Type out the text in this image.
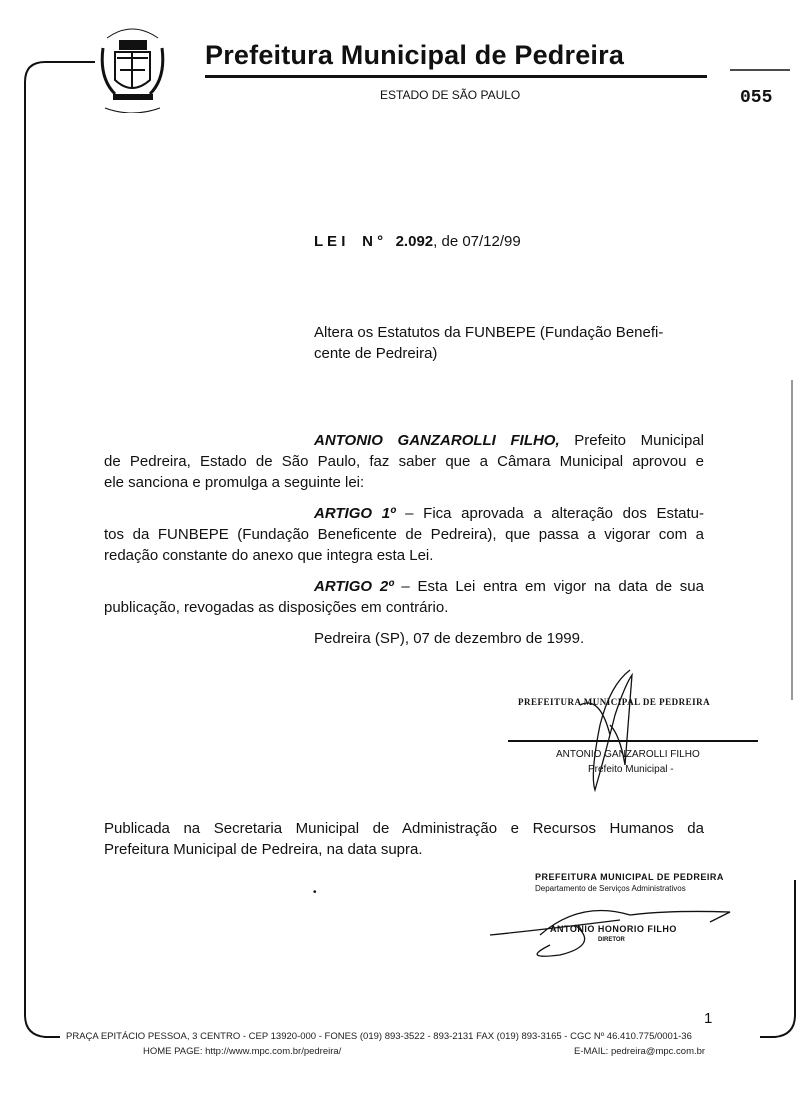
Prefeitura Municipal de Pedreira
ESTADO DE SÃO PAULO	055
L E I    N ° 2.092, de 07/12/99
Altera os Estatutos da FUNBEPE (Fundação Benefi-
cente de Pedreira)
ANTONIO GANZAROLLI FILHO, Prefeito Municipal
de Pedreira, Estado de São Paulo, faz saber que a Câmara Municipal aprovou e
ele sanciona e promulga a seguinte lei:
ARTIGO 1º – Fica aprovada a alteração dos Estatu-
tos da FUNBEPE (Fundação Beneficente de Pedreira), que passa a vigorar com a
redação constante do anexo que integra esta Lei.
ARTIGO 2º – Esta Lei entra em vigor na data de sua
publicação, revogadas as disposições em contrário.
Pedreira (SP), 07 de dezembro de 1999.
PREFEITURA MUNICIPAL DE PEDREIRA
ANTONIO GANZAROLLI FILHO
Prefeito Municipal -
Publicada na Secretaria Municipal de Administração e Recursos Humanos da
Prefeitura Municipal de Pedreira, na data supra.
PREFEITURA MUNICIPAL DE PEDREIRA
Departamento de Serviços Administrativos
ANTONIO HONORIO FILHO
DIRETOR
•
1
PRAÇA EPITÁCIO PESSOA, 3 CENTRO - CEP 13920-000 - FONES (019) 893-3522 - 893-2131 FAX (019) 893-3165 - CGC Nº 46.410.775/0001-36
HOME PAGE: http://www.mpc.com.br/pedreira/	E-MAIL: pedreira@mpc.com.br
